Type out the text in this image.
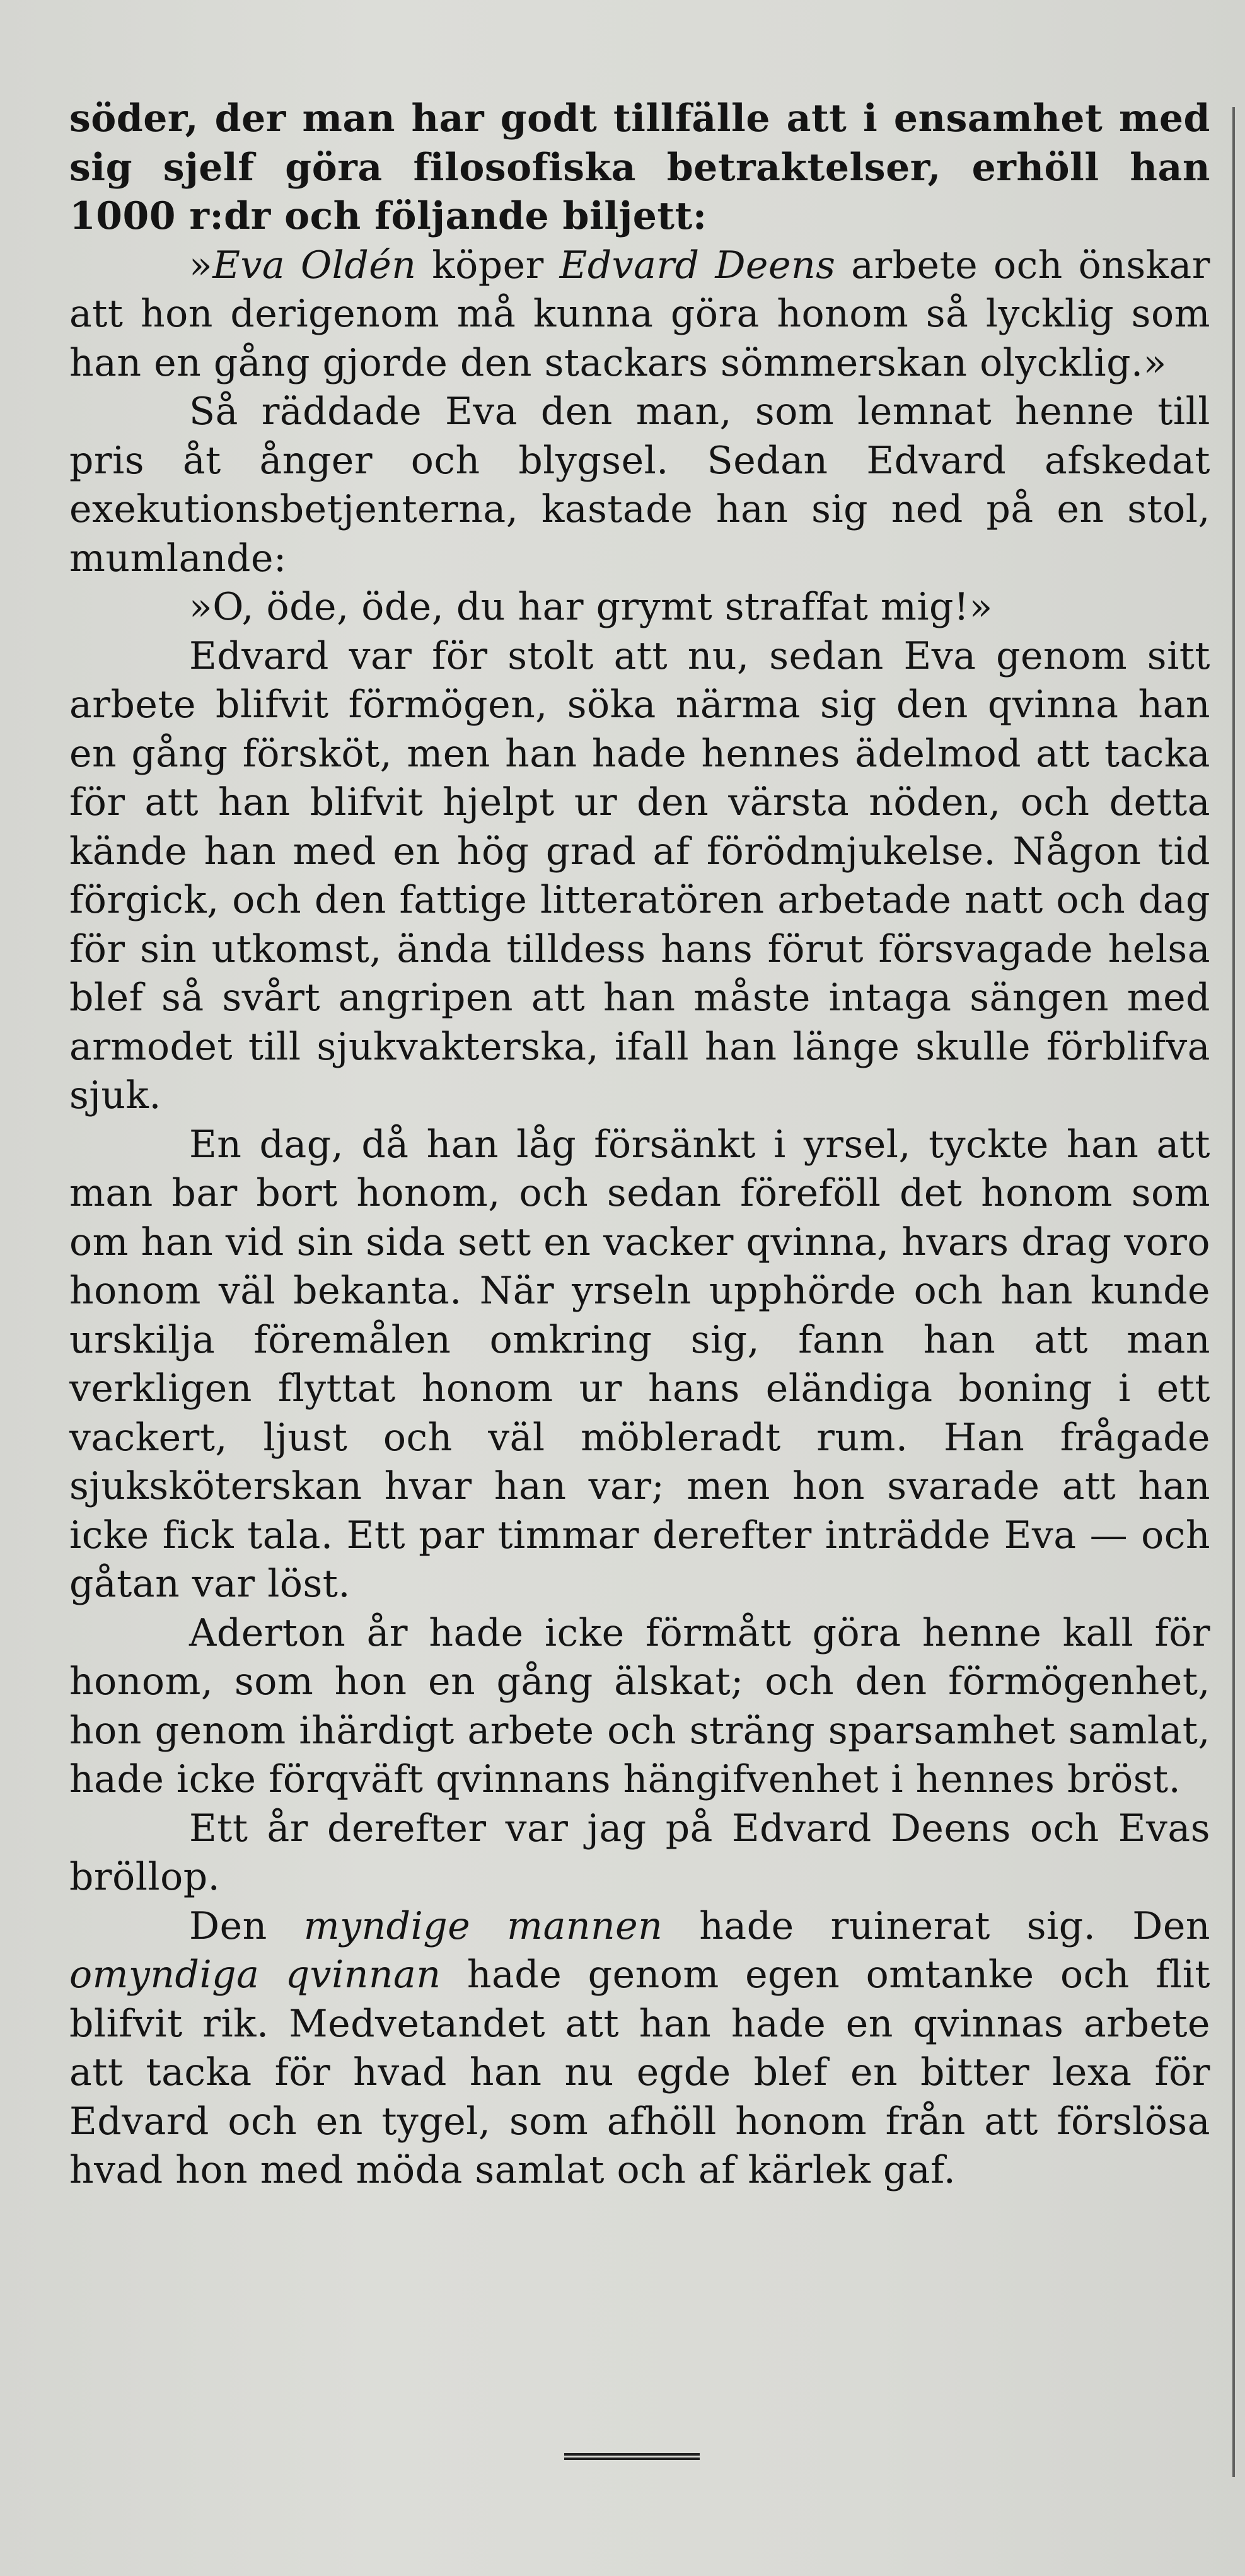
söder, der man har godt tillfälle att i ensamhet med sig sjelf göra filosofiska betraktelser, erhöll han 1000 r:dr och följande biljett:

»Eva Oldén köper Edvard Deens arbete och önskar att hon derigenom må kunna göra honom så lycklig som han en gång gjorde den stackars sömmerskan olycklig.»

Så räddade Eva den man, som lemnat henne till pris åt ånger och blygsel. Sedan Edvard afskedat exekutionsbetjenterna, kastade han sig ned på en stol, mumlande:

»O, öde, öde, du har grymt straffat mig!»

Edvard var för stolt att nu, sedan Eva genom sitt arbete blifvit förmögen, söka närma sig den qvinna han en gång försköt, men han hade hennes ädelmod att tacka för att han blifvit hjelpt ur den värsta nöden, och detta kände han med en hög grad af förödmjukelse. Någon tid förgick, och den fattige litteratören arbetade natt och dag för sin utkomst, ända tilldess hans förut försvagade helsa blef så svårt angripen att han måste intaga sängen med armodet till sjukvakterska, ifall han länge skulle förblifva sjuk.

En dag, då han låg försänkt i yrsel, tyckte han att man bar bort honom, och sedan föreföll det honom som om han vid sin sida sett en vacker qvinna, hvars drag voro honom väl bekanta. När yrseln upphörde och han kunde urskilja föremålen omkring sig, fann han att man verkligen flyttat honom ur hans eländiga boning i ett vackert, ljust och väl möbleradt rum. Han frågade sjuksköterskan hvar han var; men hon svarade att han icke fick tala. Ett par timmar derefter inträdde Eva — och gåtan var löst.

Aderton år hade icke förmått göra henne kall för honom, som hon en gång älskat; och den förmögenhet, hon genom ihärdigt arbete och sträng sparsamhet samlat, hade icke förqväft qvinnans hängifvenhet i hennes bröst.

Ett år derefter var jag på Edvard Deens och Evas bröllop.

Den myndige mannen hade ruinerat sig. Den omyndiga qvinnan hade genom egen omtanke och flit blifvit rik. Medvetandet att han hade en qvinnas arbete att tacka för hvad han nu egde blef en bitter lexa för Edvard och en tygel, som afhöll honom från att förslösa hvad hon med möda samlat och af kärlek gaf.
